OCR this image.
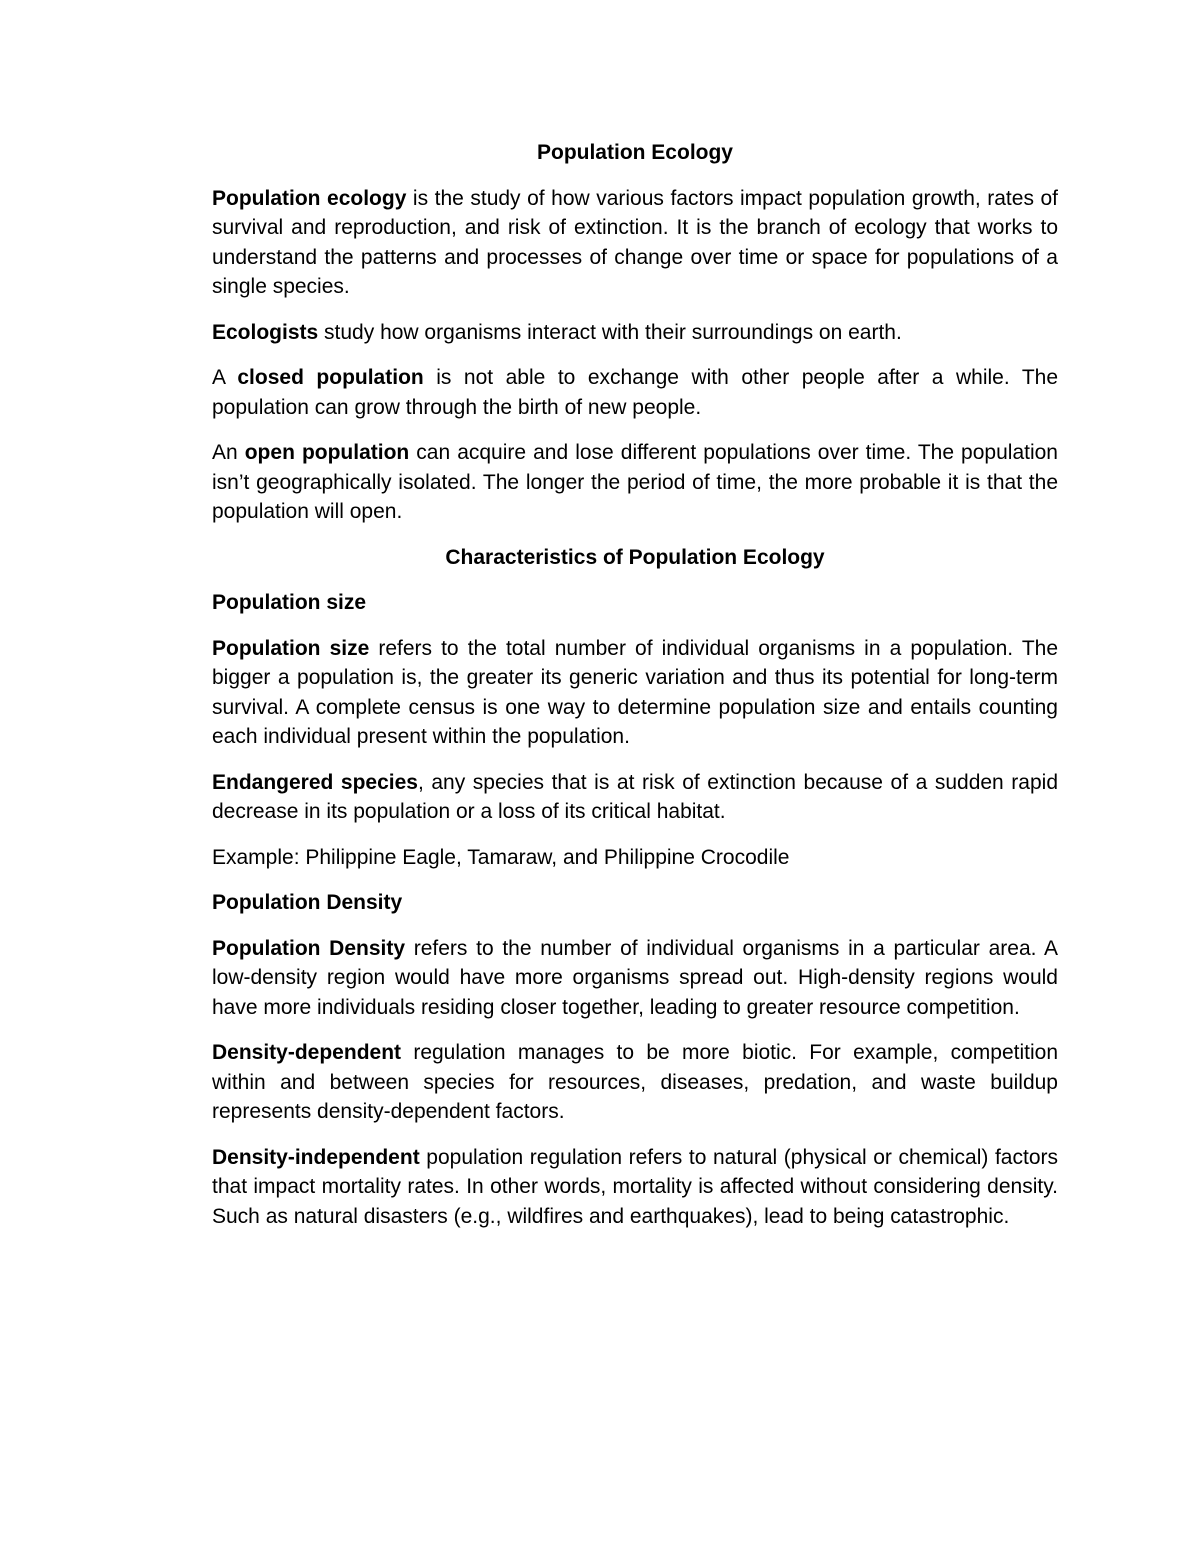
Population Ecology

Population ecology is the study of how various factors impact population growth, rates of survival and reproduction, and risk of extinction. It is the branch of ecology that works to understand the patterns and processes of change over time or space for populations of a single species.

Ecologists study how organisms interact with their surroundings on earth.

A closed population is not able to exchange with other people after a while. The population can grow through the birth of new people.

An open population can acquire and lose different populations over time. The population isn’t geographically isolated. The longer the period of time, the more probable it is that the population will open.

Characteristics of Population Ecology
Population size

Population size refers to the total number of individual organisms in a population. The bigger a population is, the greater its generic variation and thus its potential for long-term survival. A complete census is one way to determine population size and entails counting each individual present within the population.

Endangered species, any species that is at risk of extinction because of a sudden rapid decrease in its population or a loss of its critical habitat.

Example: Philippine Eagle, Tamaraw, and Philippine Crocodile

Population Density

Population Density refers to the number of individual organisms in a particular area. A low-density region would have more organisms spread out. High-density regions would have more individuals residing closer together, leading to greater resource competition.

Density-dependent regulation manages to be more biotic. For example, competition within and between species for resources, diseases, predation, and waste buildup represents density-dependent factors.

Density-independent population regulation refers to natural (physical or chemical) factors that impact mortality rates. In other words, mortality is affected without considering density. Such as natural disasters (e.g., wildfires and earthquakes), lead to being catastrophic.
